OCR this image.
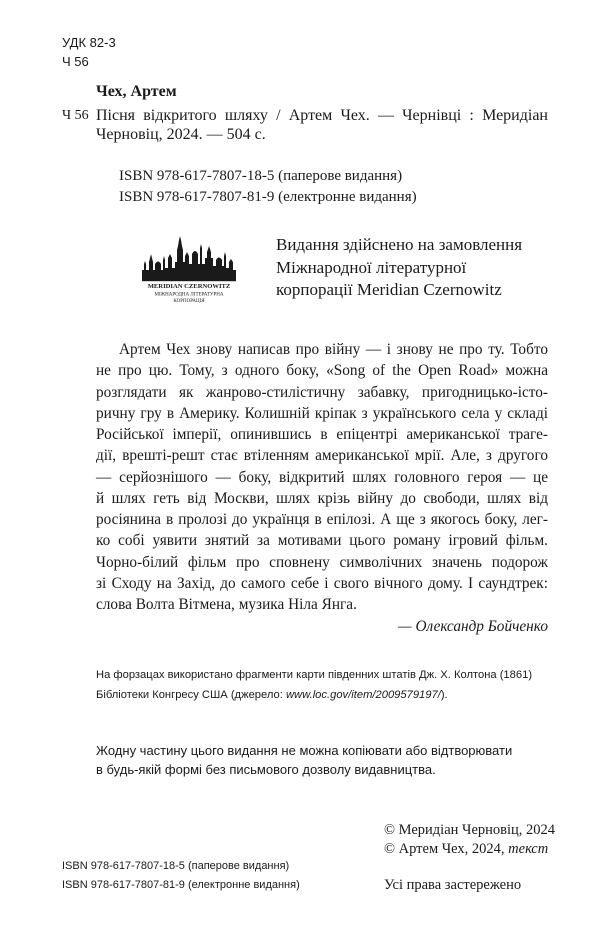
УДК 82-3
Ч 56
Чех, Артем
Ч 56 Пісня відкритого шляху / Артем Чех. — Чернівці : Меридіан
Черновіц, 2024. — 504 с.
ISBN 978-617-7807-18-5 (паперове видання)
ISBN 978-617-7807-81-9 (електронне видання)
MERIDIAN CZERNOWITZ
МІЖНАРОДНА ЛІТЕРАТУРНА
КОРПОРАЦІЯ
Видання здійснено на замовлення
Міжнародної літературної
корпорації Meridian Czernowitz
Артем Чех знову написав про війну — і знову не про ту. Тобто
не про цю. Тому, з одного боку, «Song of the Open Road» можна
розглядати як жанрово-стилістичну забавку, пригодницько-істо-
ричну гру в Америку. Колишній кріпак з українського села у складі
Російської імперії, опинившись в епіцентрі американської траге-
дії, врешті-решт стає втіленням американської мрії. Але, з другого
— серйознішого — боку, відкритий шлях головного героя — це
й шлях геть від Москви, шлях крізь війну до свободи, шлях від
росіянина в пролозі до українця в епілозі. А ще з якогось боку, лег-
ко собі уявити знятий за мотивами цього роману ігровий фільм.
Чорно-білий фільм про сповнену символічних значень подорож
зі Сходу на Захід, до самого себе і свого вічного дому. І саундтрек:
слова Волта Вітмена, музика Ніла Янга.
— Олександр Бойченко
На форзацах використано фрагменти карти південних штатів Дж. Х. Колтона (1861)
Бібліотеки Конгресу США (джерело: www.loc.gov/item/2009579197/).
Жодну частину цього видання не можна копіювати або відтворювати
в будь-якій формі без письмового дозволу видавництва.
© Меридіан Черновіц, 2024
© Артем Чех, 2024, текст
ISBN 978-617-7807-18-5 (паперове видання)
ISBN 978-617-7807-81-9 (електронне видання)	Усі права застережено
